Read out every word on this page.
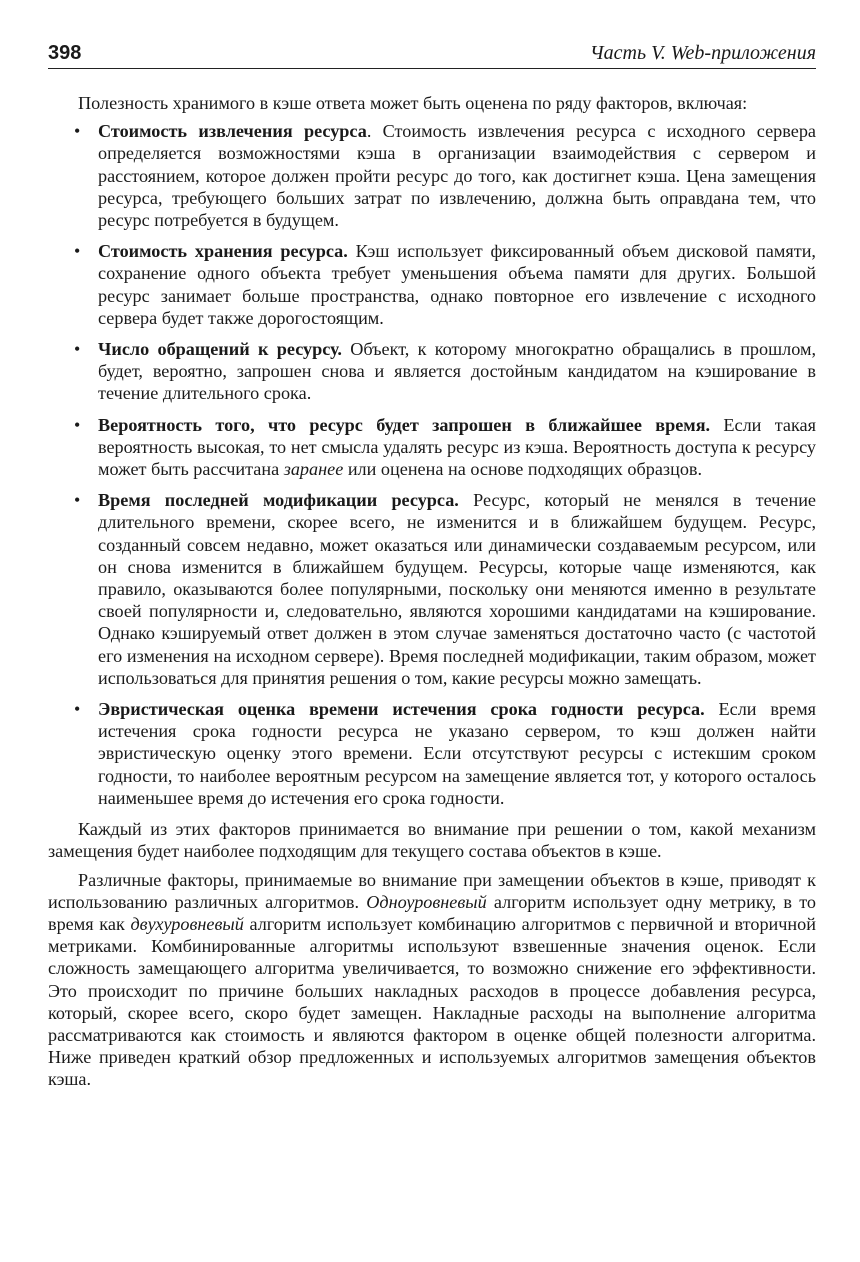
398	Часть V. Web-приложения

Полезность хранимого в кэше ответа может быть оценена по ряду факторов, включая:

• Стоимость извлечения ресурса. Стоимость извлечения ресурса с исходного сервера определяется возможностями кэша в организации взаимодействия с сервером и расстоянием, которое должен пройти ресурс до того, как достигнет кэша. Цена замещения ресурса, требующего больших затрат по извлечению, должна быть оправдана тем, что ресурс потребуется в будущем.
• Стоимость хранения ресурса. Кэш использует фиксированный объем дисковой памяти, сохранение одного объекта требует уменьшения объема памяти для других. Большой ресурс занимает больше пространства, однако повторное его извлечение с исходного сервера будет также дорогостоящим.
• Число обращений к ресурсу. Объект, к которому многократно обращались в прошлом, будет, вероятно, запрошен снова и является достойным кандидатом на кэширование в течение длительного срока.
• Вероятность того, что ресурс будет запрошен в ближайшее время. Если такая вероятность высокая, то нет смысла удалять ресурс из кэша. Вероятность доступа к ресурсу может быть рассчитана заранее или оценена на основе подходящих образцов.
• Время последней модификации ресурса. Ресурс, который не менялся в течение длительного времени, скорее всего, не изменится и в ближайшем будущем. Ресурс, созданный совсем недавно, может оказаться или динамически создаваемым ресурсом, или он снова изменится в ближайшем будущем. Ресурсы, которые чаще изменяются, как правило, оказываются более популярными, поскольку они меняются именно в результате своей популярности и, следовательно, являются хорошими кандидатами на кэширование. Однако кэшируемый ответ должен в этом случае заменяться достаточно часто (с частотой его изменения на исходном сервере). Время последней модификации, таким образом, может использоваться для принятия решения о том, какие ресурсы можно замещать.
• Эвристическая оценка времени истечения срока годности ресурса. Если время истечения срока годности ресурса не указано сервером, то кэш должен найти эвристическую оценку этого времени. Если отсутствуют ресурсы с истекшим сроком годности, то наиболее вероятным ресурсом на замещение является тот, у которого осталось наименьшее время до истечения его срока годности.

Каждый из этих факторов принимается во внимание при решении о том, какой механизм замещения будет наиболее подходящим для текущего состава объектов в кэше.

Различные факторы, принимаемые во внимание при замещении объектов в кэше, приводят к использованию различных алгоритмов. Одноуровневый алгоритм использует одну метрику, в то время как двухуровневый алгоритм использует комбинацию алгоритмов с первичной и вторичной метриками. Комбинированные алгоритмы используют взвешенные значения оценок. Если сложность замещающего алгоритма увеличивается, то возможно снижение его эффективности. Это происходит по причине больших накладных расходов в процессе добавления ресурса, который, скорее всего, скоро будет замещен. Накладные расходы на выполнение алгоритма рассматриваются как стоимость и являются фактором в оценке общей полезности алгоритма. Ниже приведен краткий обзор предложенных и используемых алгоритмов замещения объектов кэша.
